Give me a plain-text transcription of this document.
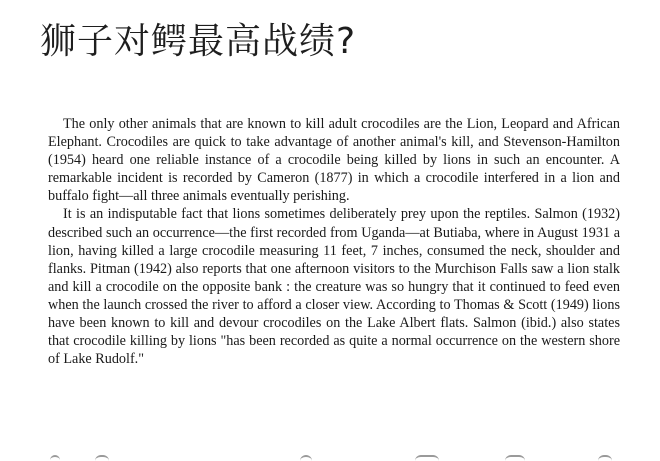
狮子对鳄最高战绩?

The only other animals that are known to kill adult crocodiles are the Lion, Leopard and African Elephant. Crocodiles are quick to take advantage of another animal's kill, and Stevenson-Hamilton (1954) heard one reliable instance of a crocodile being killed by lions in such an encounter. A remarkable incident is recorded by Cameron (1877) in which a crocodile interfered in a lion and buffalo fight—all three animals eventually perishing.

It is an indisputable fact that lions sometimes deliberately prey upon the reptiles. Salmon (1932) described such an occurrence—the first recorded from Uganda—at Butiaba, where in August 1931 a lion, having killed a large crocodile measuring 11 feet, 7 inches, consumed the neck, shoulder and flanks. Pitman (1942) also reports that one afternoon visitors to the Murchison Falls saw a lion stalk and kill a crocodile on the opposite bank : the creature was so hungry that it continued to feed even when the launch crossed the river to afford a closer view. According to Thomas & Scott (1949) lions have been known to kill and devour crocodiles on the Lake Albert flats. Salmon (ibid.) also states that crocodile killing by lions "has been recorded as quite a normal occurrence on the western shore of Lake Rudolf."
